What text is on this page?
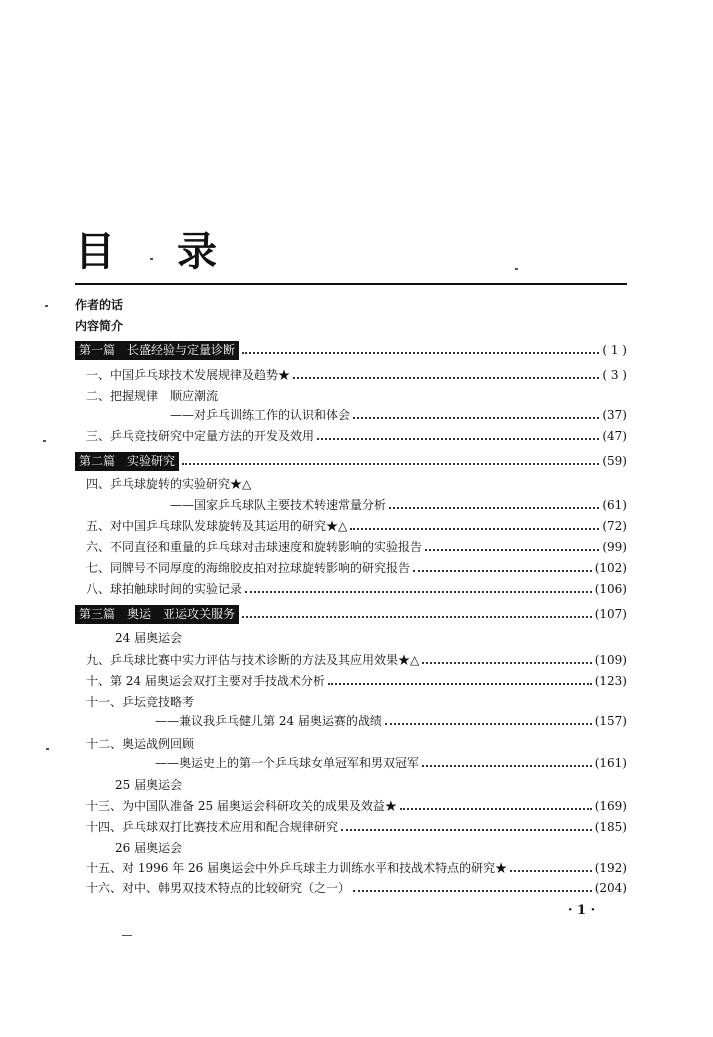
目 录
作者的话
内容简介
第一篇　长盛经验与定量诊断	( 1 )
一、中国乒乓球技术发展规律及趋势★	( 3 )
二、把握规律　顺应潮流
——对乒乓训练工作的认识和体会	(37)
三、乒乓竞技研究中定量方法的开发及效用	(47)
第二篇　实验研究	(59)
四、乒乓球旋转的实验研究★△
——国家乒乓球队主要技术转速常量分析	(61)
五、对中国乒乓球队发球旋转及其运用的研究★△	(72)
六、不同直径和重量的乒乓球对击球速度和旋转影响的实验报告	(99)
七、同牌号不同厚度的海绵胶皮拍对拉球旋转影响的研究报告	(102)
八、球拍触球时间的实验记录	(106)
第三篇　奥运　亚运攻关服务	(107)
24 届奥运会
九、乒乓球比赛中实力评估与技术诊断的方法及其应用效果★△	(109)
十、第 24 届奥运会双打主要对手技战术分析	(123)
十一、乒坛竞技略考
——兼议我乒乓健儿第 24 届奥运赛的战绩	(157)
十二、奥运战例回顾
——奥运史上的第一个乒乓球女单冠军和男双冠军	(161)
25 届奥运会
十三、为中国队准备 25 届奥运会科研攻关的成果及效益★	(169)
十四、乒乓球双打比赛技术应用和配合规律研究	(185)
26 届奥运会
十五、对 1996 年 26 届奥运会中外乒乓球主力训练水平和技战术特点的研究★	(192)
十六、对中、韩男双技术特点的比较研究（之一）	(204)
· 1 ·
